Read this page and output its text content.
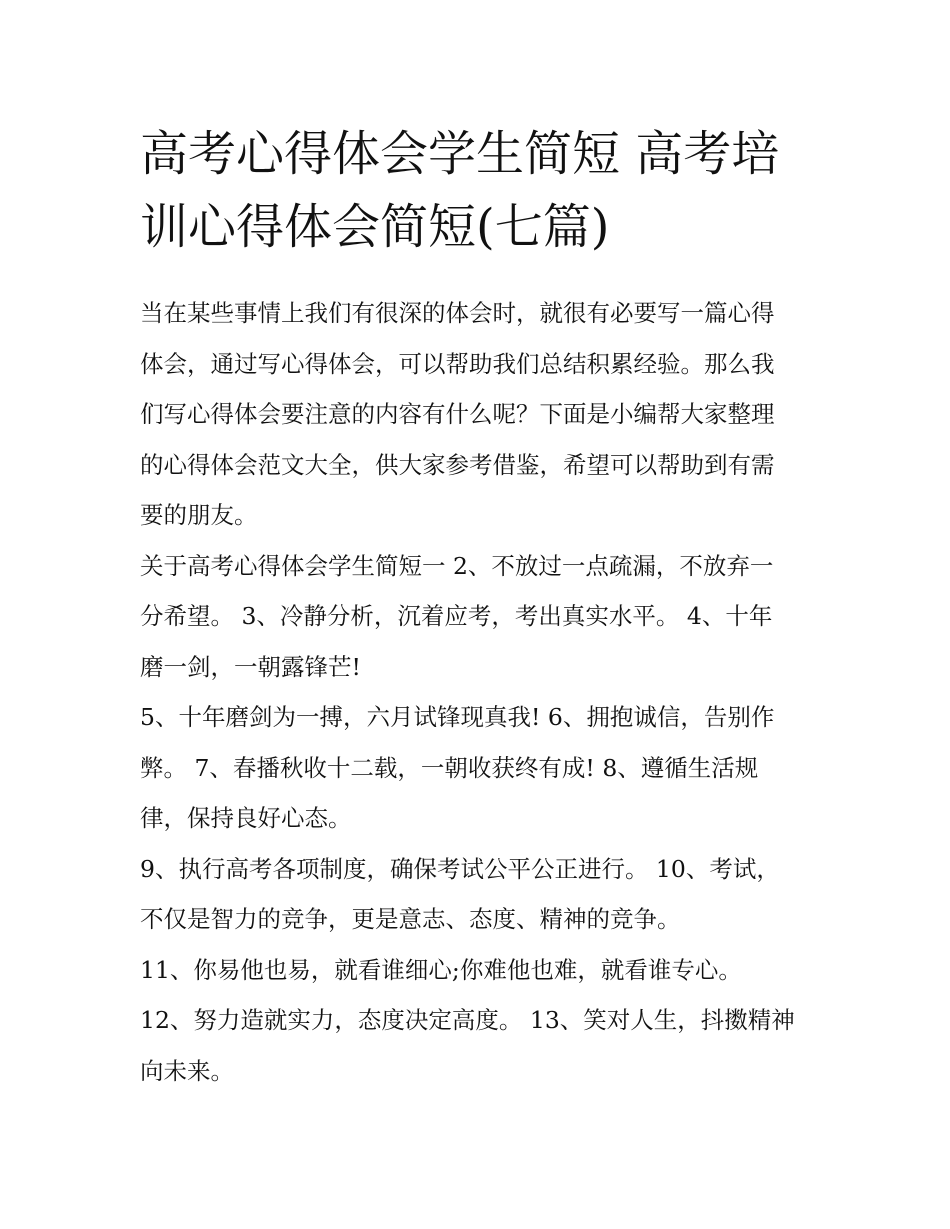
高考心得体会学生简短 高考培
训心得体会简短(七篇)

当在某些事情上我们有很深的体会时，就很有必要写一篇心得
体会，通过写心得体会，可以帮助我们总结积累经验。那么我
们写心得体会要注意的内容有什么呢？下面是小编帮大家整理
的心得体会范文大全，供大家参考借鉴，希望可以帮助到有需
要的朋友。

关于高考心得体会学生简短一 2、不放过一点疏漏，不放弃一
分希望。 3、冷静分析，沉着应考，考出真实水平。 4、十年
磨一剑，一朝露锋芒!

5、十年磨剑为一搏，六月试锋现真我! 6、拥抱诚信，告别作
弊。 7、春播秋收十二载，一朝收获终有成! 8、遵循生活规
律，保持良好心态。

9、执行高考各项制度，确保考试公平公正进行。 10、考试，
不仅是智力的竞争，更是意志、态度、精神的竞争。

11、你易他也易，就看谁细心;你难他也难，就看谁专心。

12、努力造就实力，态度决定高度。 13、笑对人生，抖擞精神
向未来。
